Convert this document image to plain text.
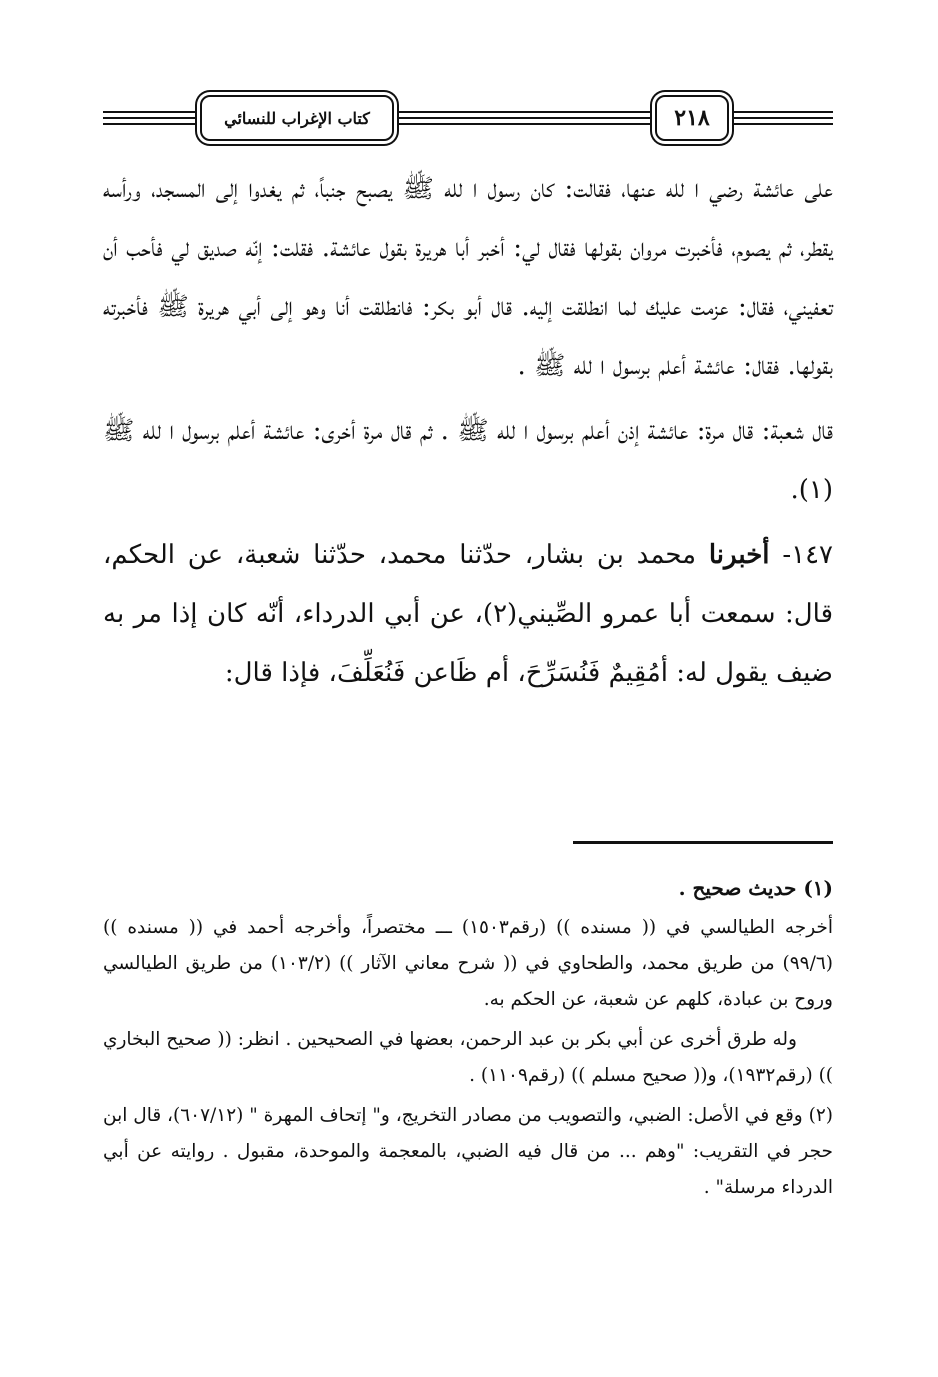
كتاب الإغراب للنسائي	٢١٨

على عائشة رضي ا لله عنها، فقالت: كان رسول ا لله ﷺ يصبح جنباً، ثم يغدوا إلى المسجد، ورأسه يقطر، ثم يصوم، فأخبرت مروان بقولها فقال لي: أخبر أبا هريرة بقول عائشة. فقلت: إنّه صديق لي فأحب أن تعفيني، فقال: عزمت عليك لما انطلقت إليه. قال أبو بكر: فانطلقت أنا وهو إلى أبي هريرة ﷺ فأخبرته بقولها. فقال: عائشة أعلم برسول ا لله ﷺ .

قال شعبة: قال مرة: عائشة إذن أعلم برسول ا لله ﷺ . ثم قال مرة أخرى: عائشة أعلم برسول ا لله ﷺ (١).

١٤٧- أخبرنا محمد بن بشار، حدّثنا محمد، حدّثنا شعبة، عن الحكم، قال: سمعت أبا عمرو الصِّيني(٢)، عن أبي الدرداء، أنّه كان إذا مر به ضيف يقول له: أمُقِيمٌ فَنُسَرِّحَ، أم ظَاعن فَنُعَلِّفَ، فإذا قال:

(١) حديث صحيح .

أخرجه الطيالسي في (( مسنده )) (رقم١٥٠٣) ـــ مختصراً، وأخرجه أحمد في (( مسنده )) (٩٩/٦) من طريق محمد، والطحاوي في (( شرح معاني الآثار )) (١٠٣/٢) من طريق الطيالسي وروح بن عبادة، كلهم عن شعبة، عن الحكم به.

وله طرق أخرى عن أبي بكر بن عبد الرحمن، بعضها في الصحيحين . انظر: (( صحيح البخاري )) (رقم١٩٣٢)، و(( صحيح مسلم )) (رقم١١٠٩) .

(٢) وقع في الأصل: الضبي، والتصويب من مصادر التخريج، و" إتحاف المهرة " (٦٠٧/١٢)، قال ابن حجر في التقريب: "وهم ... من قال فيه الضبي، بالمعجمة والموحدة، مقبول . روايته عن أبي الدرداء مرسلة" .
